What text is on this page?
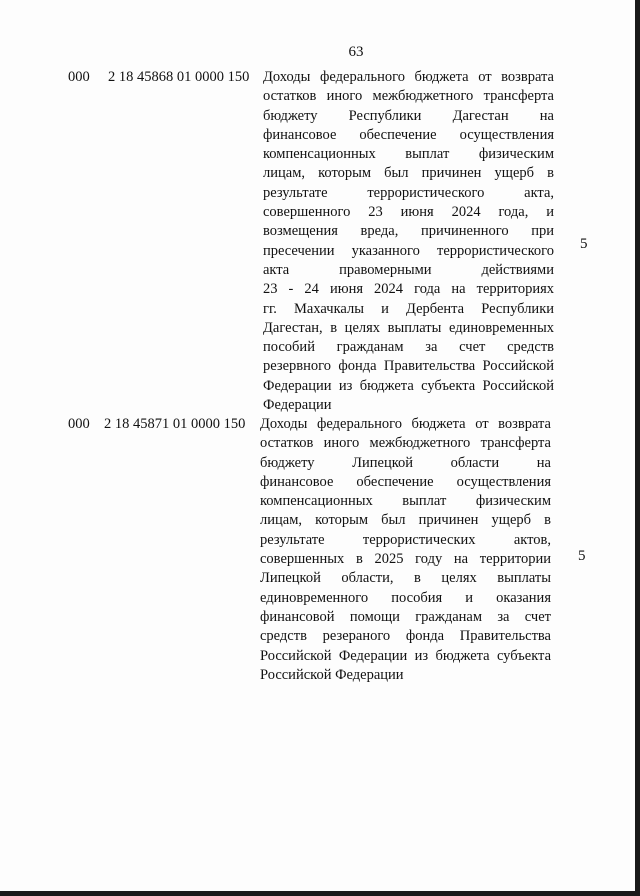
63
000 2 18 45868 01 0000 150 Доходы федерального бюджета от возврата
остатков иного межбюджетного трансферта
бюджету Республики Дагестан на
финансовое обеспечение осуществления
компенсационных выплат физическим
лицам, которым был причинен ущерб в
результате террористического акта,
совершенного 23 июня 2024 года, и
возмещения вреда, причиненного при
пресечении указанного террористического
акта правомерными действиями
23 - 24 июня 2024 года на территориях
гг. Махачкалы и Дербента Республики
Дагестан, в целях выплаты единовременных
пособий гражданам за счет средств
резервного фонда Правительства Российской
Федерации из бюджета субъекта Российской
Федерации
5
000 2 18 45871 01 0000 150 Доходы федерального бюджета от возврата
остатков иного межбюджетного трансферта
бюджету Липецкой области на
финансовое обеспечение осуществления
компенсационных выплат физическим
лицам, которым был причинен ущерб в
результате террористических актов,
совершенных в 2025 году на территории
Липецкой области, в целях выплаты
единовременного пособия и оказания
финансовой помощи гражданам за счет
средств резерaного фонда Правительства
Российской Федерации из бюджета субъекта
Российской Федерации
5
